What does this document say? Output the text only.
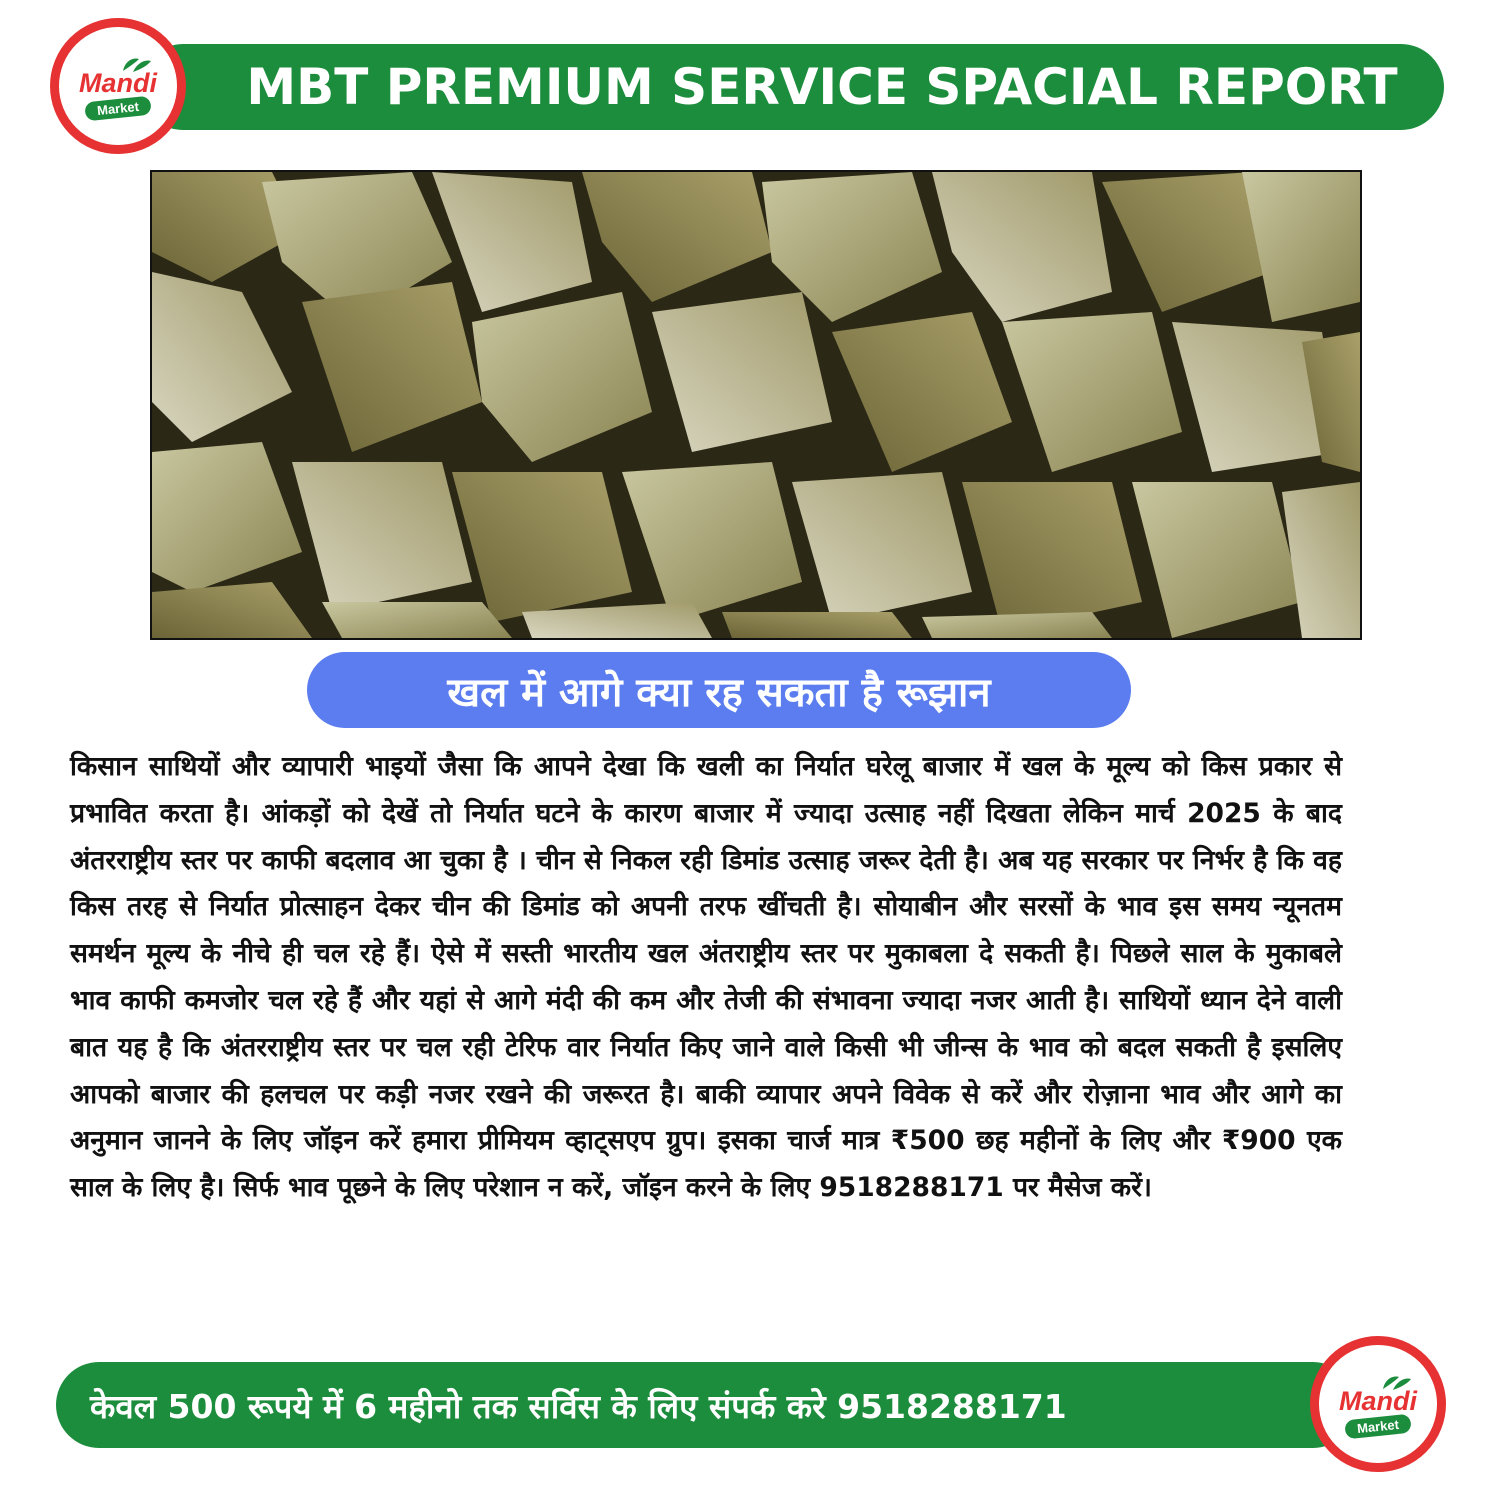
MBT PREMIUM SERVICE SPACIAL REPORT
Mandi
Market
खल में आगे क्या रह सकता है रूझान

किसान साथियों और व्यापारी भाइयों जैसा कि आपने देखा कि खली का निर्यात घरेलू बाजार में खल के मूल्य को किस प्रकार से प्रभावित करता है। आंकड़ों को देखें तो निर्यात घटने के कारण बाजार में ज्यादा उत्साह नहीं दिखता लेकिन मार्च 2025 के बाद अंतरराष्ट्रीय स्तर पर काफी बदलाव आ चुका है । चीन से निकल रही डिमांड उत्साह जरूर देती है। अब यह सरकार पर निर्भर है कि वह किस तरह से निर्यात प्रोत्साहन देकर चीन की डिमांड को अपनी तरफ खींचती है। सोयाबीन और सरसों के भाव इस समय न्यूनतम समर्थन मूल्य के नीचे ही चल रहे हैं। ऐसे में सस्ती भारतीय खल अंतराष्ट्रीय स्तर पर मुकाबला दे सकती है। पिछले साल के मुकाबले भाव काफी कमजोर चल रहे हैं और यहां से आगे मंदी की कम और तेजी की संभावना ज्यादा नजर आती है। साथियों ध्यान देने वाली बात यह है कि अंतरराष्ट्रीय स्तर पर चल रही टेरिफ वार निर्यात किए जाने वाले किसी भी जीन्स के भाव को बदल सकती है इसलिए आपको बाजार की हलचल पर कड़ी नजर रखने की जरूरत है। बाकी व्यापार अपने विवेक से करें और रोज़ाना भाव और आगे का अनुमान जानने के लिए जॉइन करें हमारा प्रीमियम व्हाट्सएप ग्रुप। इसका चार्ज मात्र ₹500 छह महीनों के लिए और ₹900 एक साल के लिए है। सिर्फ भाव पूछने के लिए परेशान न करें, जॉइन करने के लिए 9518288171 पर मैसेज करें।

केवल 500 रूपये में 6 महीनो तक सर्विस के लिए संपर्क करे 9518288171	Mandi
Market
